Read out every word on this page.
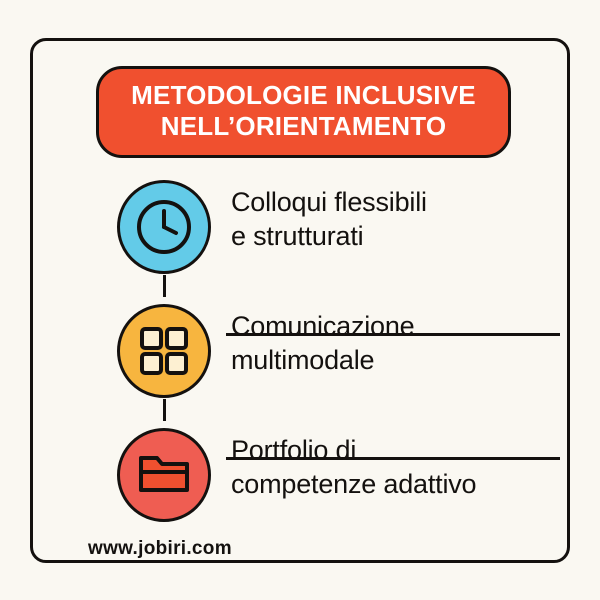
METODOLOGIE INCLUSIVE
NELL’ORIENTAMENTO
Colloqui flessibili
e strutturati
Comunicazione
multimodale
Portfolio di
competenze adattivo
www.jobiri.com
